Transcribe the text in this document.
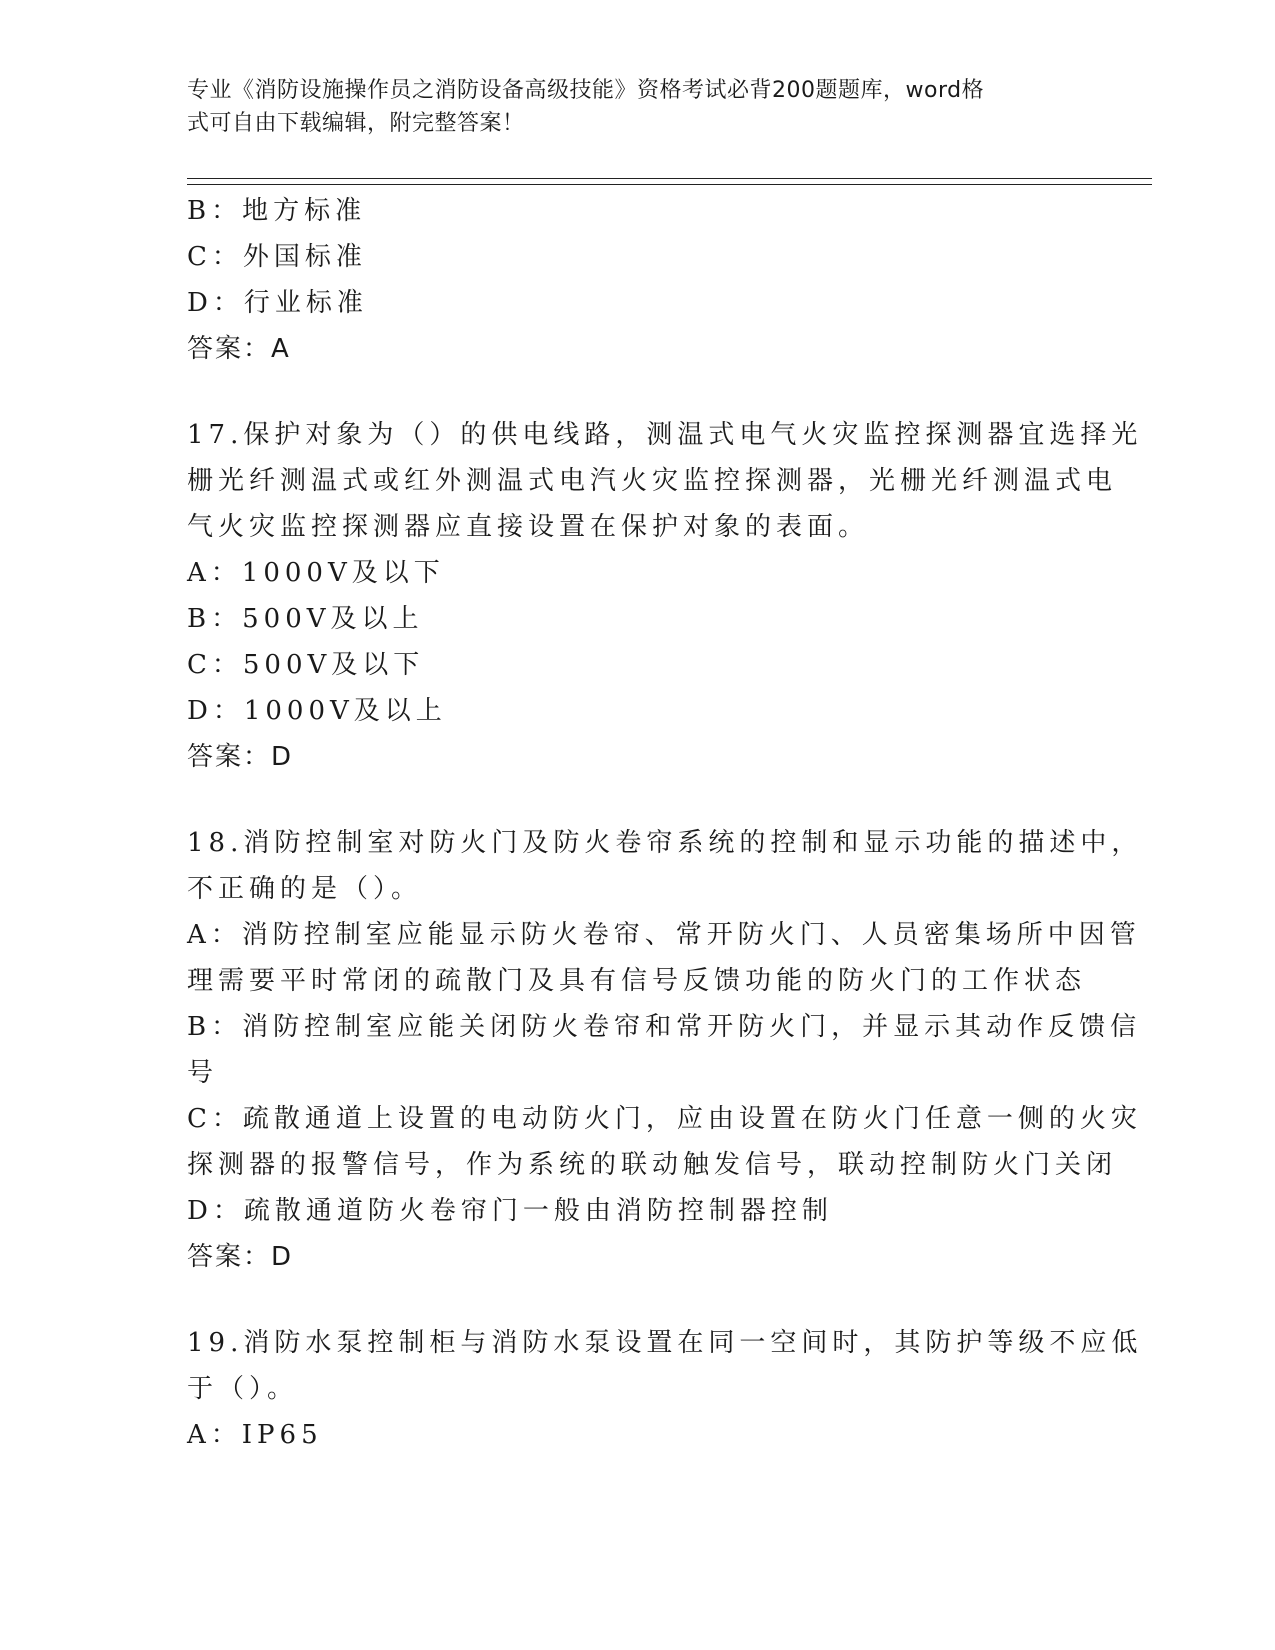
专业《消防设施操作员之消防设备高级技能》资格考试必背200题题库，word格
式可自由下载编辑，附完整答案！
B：地方标准
C：外国标准
D：行业标准
答案：A
17.保护对象为（）的供电线路，测温式电气火灾监控探测器宜选择光
栅光纤测温式或红外测温式电汽火灾监控探测器，光栅光纤测温式电
气火灾监控探测器应直接设置在保护对象的表面。
A：1000V及以下
B：500V及以上
C：500V及以下
D：1000V及以上
答案：D
18.消防控制室对防火门及防火卷帘系统的控制和显示功能的描述中，
不正确的是（）。
A：消防控制室应能显示防火卷帘、常开防火门、人员密集场所中因管
理需要平时常闭的疏散门及具有信号反馈功能的防火门的工作状态
B：消防控制室应能关闭防火卷帘和常开防火门，并显示其动作反馈信
号
C：疏散通道上设置的电动防火门，应由设置在防火门任意一侧的火灾
探测器的报警信号，作为系统的联动触发信号，联动控制防火门关闭
D：疏散通道防火卷帘门一般由消防控制器控制
答案：D
19.消防水泵控制柜与消防水泵设置在同一空间时，其防护等级不应低
于（）。
A：IP65
